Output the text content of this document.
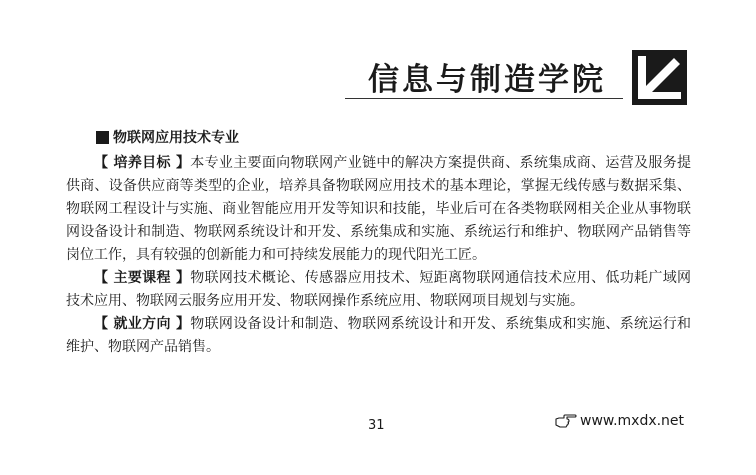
信息与制造学院
物联网应用技术专业

【 培养目标 】本专业主要面向物联网产业链中的解决方案提供商、系统集成商、运营及服务提供商、设备供应商等类型的企业，培养具备物联网应用技术的基本理论，掌握无线传感与数据采集、物联网工程设计与实施、商业智能应用开发等知识和技能，毕业后可在各类物联网相关企业从事物联网设备设计和制造、物联网系统设计和开发、系统集成和实施、系统运行和维护、物联网产品销售等岗位工作，具有较强的创新能力和可持续发展能力的现代阳光工匠。

【 主要课程 】物联网技术概论、传感器应用技术、短距离物联网通信技术应用、低功耗广域网技术应用、物联网云服务应用开发、物联网操作系统应用、物联网项目规划与实施。

【 就业方向 】物联网设备设计和制造、物联网系统设计和开发、系统集成和实施、系统运行和维护、物联网产品销售。

31	www.mxdx.net
